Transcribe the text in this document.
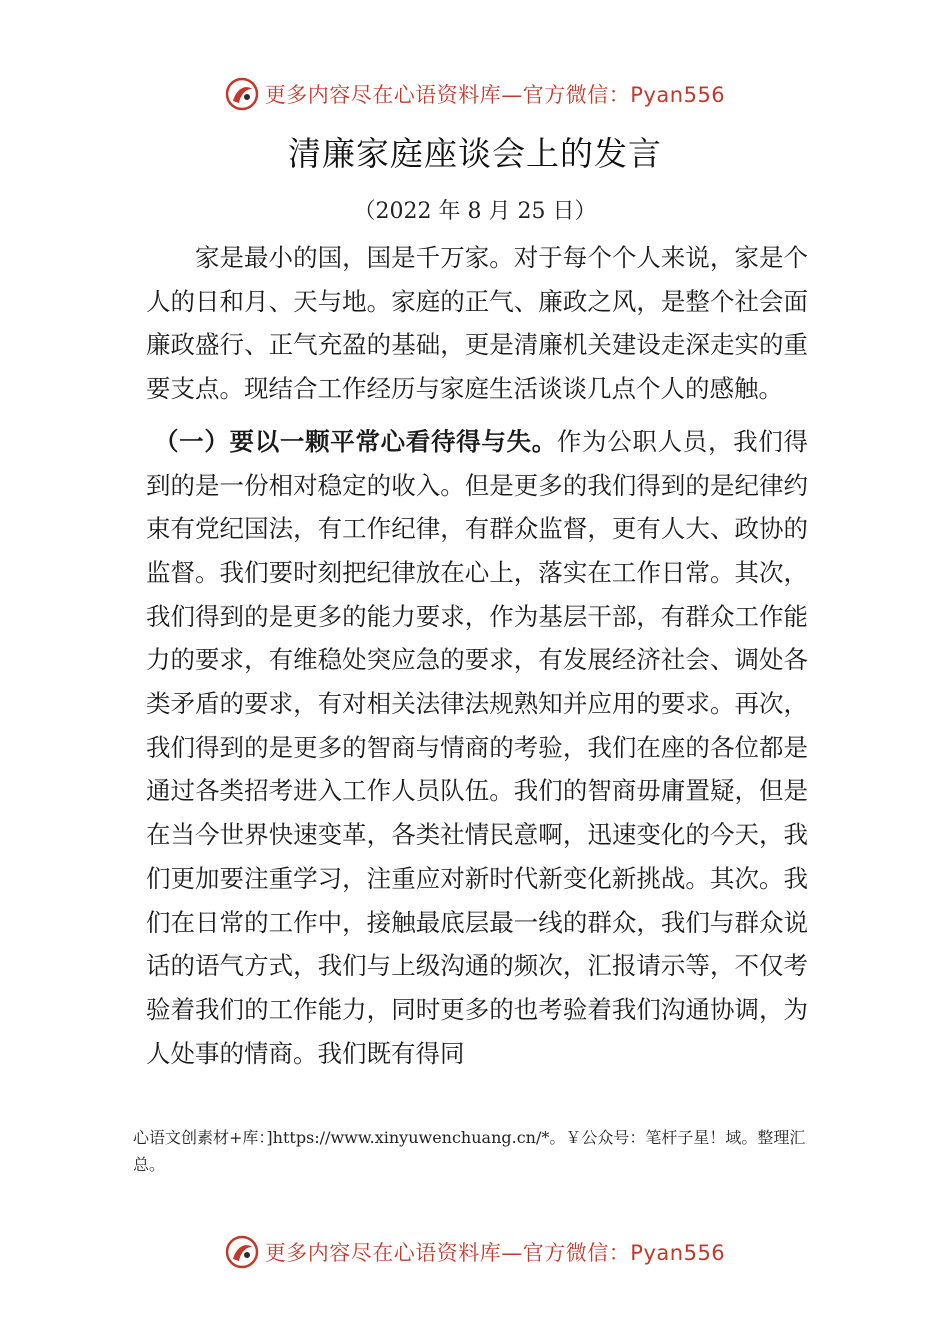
更多内容尽在心语资料库—官方微信：Pyan556
清廉家庭座谈会上的发言
（2022 年 8 月 25 日）

家是最小的国，国是千万家。对于每个个人来说，家是个人的日和月、天与地。家庭的正气、廉政之风，是整个社会面廉政盛行、正气充盈的基础，更是清廉机关建设走深走实的重要支点。现结合工作经历与家庭生活谈谈几点个人的感触。

（一）要以一颗平常心看待得与失。作为公职人员，我们得到的是一份相对稳定的收入。但是更多的我们得到的是纪律约束有党纪国法，有工作纪律，有群众监督，更有人大、政协的监督。我们要时刻把纪律放在心上，落实在工作日常。其次，我们得到的是更多的能力要求，作为基层干部，有群众工作能力的要求，有维稳处突应急的要求，有发展经济社会、调处各类矛盾的要求，有对相关法律法规熟知并应用的要求。再次，我们得到的是更多的智商与情商的考验，我们在座的各位都是通过各类招考进入工作人员队伍。我们的智商毋庸置疑，但是在当今世界快速变革，各类社情民意啊，迅速变化的今天，我们更加要注重学习，注重应对新时代新变化新挑战。其次。我们在日常的工作中，接触最底层最一线的群众，我们与群众说话的语气方式，我们与上级沟通的频次，汇报请示等，不仅考验着我们的工作能力，同时更多的也考验着我们沟通协调，为人处事的情商。我们既有得同

心语文创素材+库：]https://www.xinyuwenchuang.cn/*。￥公众号：笔杆子星！域。整理汇总。
更多内容尽在心语资料库—官方微信：Pyan556
